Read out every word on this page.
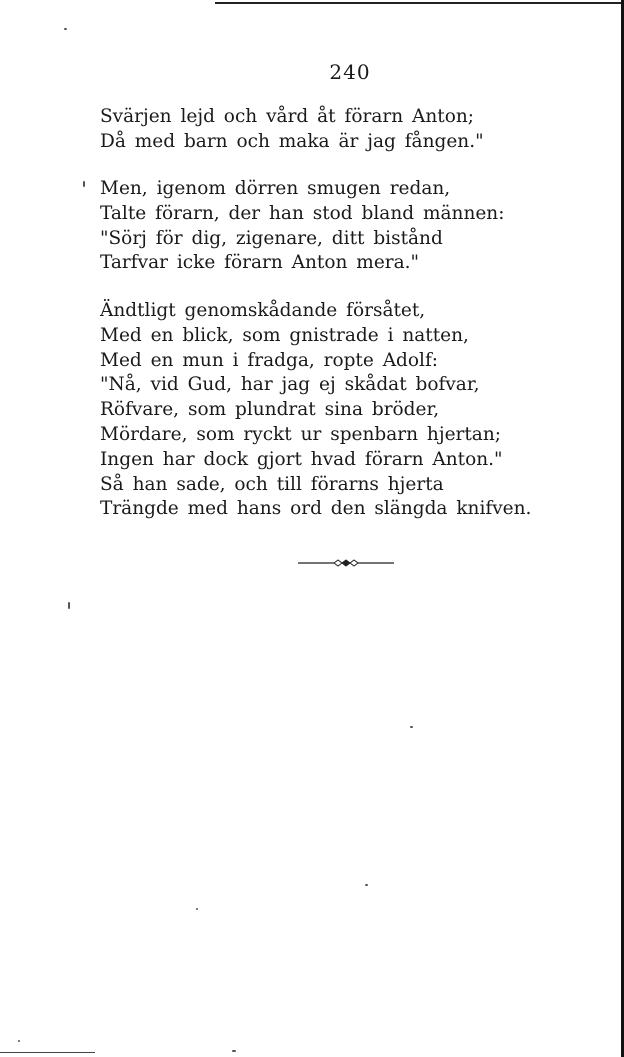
240
Svärjen lejd och vård åt förarn Anton;
Då med barn och maka är jag fången."
Men, igenom dörren smugen redan,
Talte förarn, der han stod bland männen:
"Sörj för dig, zigenare, ditt bistånd
Tarfvar icke förarn Anton mera."
Ändtligt genomskådande försåtet,
Med en blick, som gnistrade i natten,
Med en mun i fradga, ropte Adolf:
"Nå, vid Gud, har jag ej skådat bofvar,
Röfvare, som plundrat sina bröder,
Mördare, som ryckt ur spenbarn hjertan;
Ingen har dock gjort hvad förarn Anton."
Så han sade, och till förarns hjerta
Trängde med hans ord den slängda knifven.
